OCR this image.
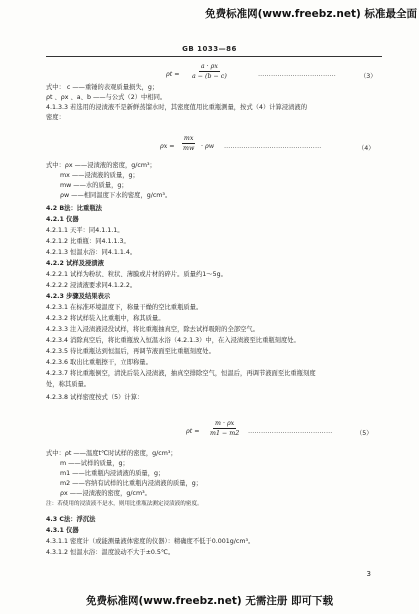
免费标准网(www.freebz.net) 标准最全面
GB 1033—86
$\rho t = \frac{a \cdot \rho x}{a - (b - c)}$	………………………………	（3）
式中： c ——重锤的表观质量损失，g；
ρt 、ρx 、a、b ——与公式（2）中相同。
4.1.3.3 若选用的浸渍液不是新鲜蒸馏水时，其密度值用比重瓶测量，按式（4）计算浸渍液的
密度：
$\rho x = \frac{mx}{mw} \cdot \rho w$ ………………………………………	（4）
式中：ρx ——浸渍液的密度，g/cm³；
mx ——浸渍液的质量，g；
mw ——水的质量，g；
ρw ——相同温度下水的密度，g/cm³。
4.2 B法：比重瓶法
4.2.1 仪器
4.2.1.1 天平：同4.1.1.1。
4.2.1.2 比重瓶：同4.1.1.3。
4.2.1.3 恒温水浴：同4.1.1.4。
4.2.2 试样及浸渍液
4.2.2.1 试样为粉状、粒状、薄膜或片材的碎片。质量约1～5g。
4.2.2.2 浸渍液要求同4.1.2.2。
4.2.3 步骤及结果表示
4.2.3.1 在标准环境温度下，称量干燥的空比重瓶质量。
4.2.3.2 将试样装入比重瓶中，称其质量。
4.2.3.3 注入浸渍液浸没试样，将比重瓶抽真空，除去试样吸附的全部空气。
4.2.3.4 消除真空后，将比重瓶放入恒温水浴（4.2.1.3）中，在入浸渍液至比重瓶刻度处。
4.2.3.5 待比重瓶达到恒温后，再调节液面至比重瓶刻度处。
4.2.3.6 取出比重瓶擦干，立即称量。
4.2.3.7 将比重瓶倒空，清洗后装入浸渍液，抽真空排除空气，恒温后，再调节液面至比重瓶刻度
处，称其质量。
4.2.3.8 试样密度按式（5）计算：
$\rho t = \frac{m \cdot \rho x}{m1 - m2}$ …………………………………	（5）
式中：ρt ——温度t℃时试样的密度，g/cm³；
m ——试样的质量，g；
m1 ——比重瓶内浸渍液的质量，g；
m2 ——容纳有试样的比重瓶内浸渍液的质量，g；
ρx ——浸渍液的密度，g/cm³。
注：若使用的浸渍液不是水，则用比重瓶法测定浸渍液的密度。
4.3 C法：浮沉法
4.3.1 仪器
4.3.1.1 密度计（或能测量液体密度的仪器）：精确度不低于0.001g/cm³。
4.3.1.2 恒温水浴：温度波动不大于±0.5℃。
3
免费标准网(www.freebz.net) 无需注册 即可下载
